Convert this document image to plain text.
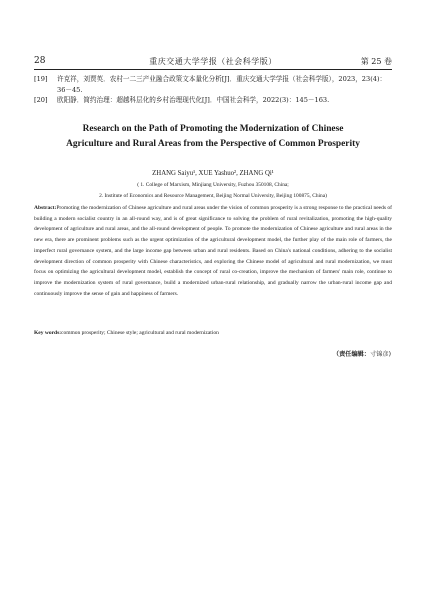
28	重庆交通大学学报（社会科学版）	第 25 卷

[19] 许克祥，刘贾英．农村一二三产业融合政策文本量化分析[J]．重庆交通大学学报（社会科学版），2023，23(4)：36－45.

[20] 欧阳静．简约治理：超越科层化的乡村治理现代化[J]．中国社会科学，2022(3)：145－163.

Research on the Path of Promoting the Modernization of Chinese
Agriculture and Rural Areas from the Perspective of Common Prosperity
ZHANG Saiyu¹, XUE Yashuo², ZHANG Qi¹
( 1. College of Marxism, Minjiang University, Fuzhou 350108, China;
2. Institute of Economics and Resource Management, Beijing Normal University, Beijing 100875, China)

Abstract:Promoting the modernization of Chinese agriculture and rural areas under the vision of common prosperity is a strong response to the practical needs of building a modern socialist country in an all-round way, and is of great significance to solving the problem of rural revitalization, promoting the high-quality development of agriculture and rural areas, and the all-round development of people. To promote the modernization of Chinese agriculture and rural areas in the new era, there are prominent problems such as the urgent optimization of the agricultural development model, the further play of the main role of farmers, the imperfect rural governance system, and the large income gap between urban and rural residents. Based on China's national conditions, adhering to the socialist development direction of common prosperity with Chinese characteristics, and exploring the Chinese model of agricultural and rural modernization, we must focus on optimizing the agricultural development model, establish the concept of rural co-creation, improve the mechanism of farmers' main role, continue to improve the modernization system of rural governance, build a modernized urban-rural relationship, and gradually narrow the urban-rural income gap and continuously improve the sense of gain and happiness of farmers.

Key words:common prosperity; Chinese style; agricultural and rural modernization

（责任编辑：寸锦彦)
